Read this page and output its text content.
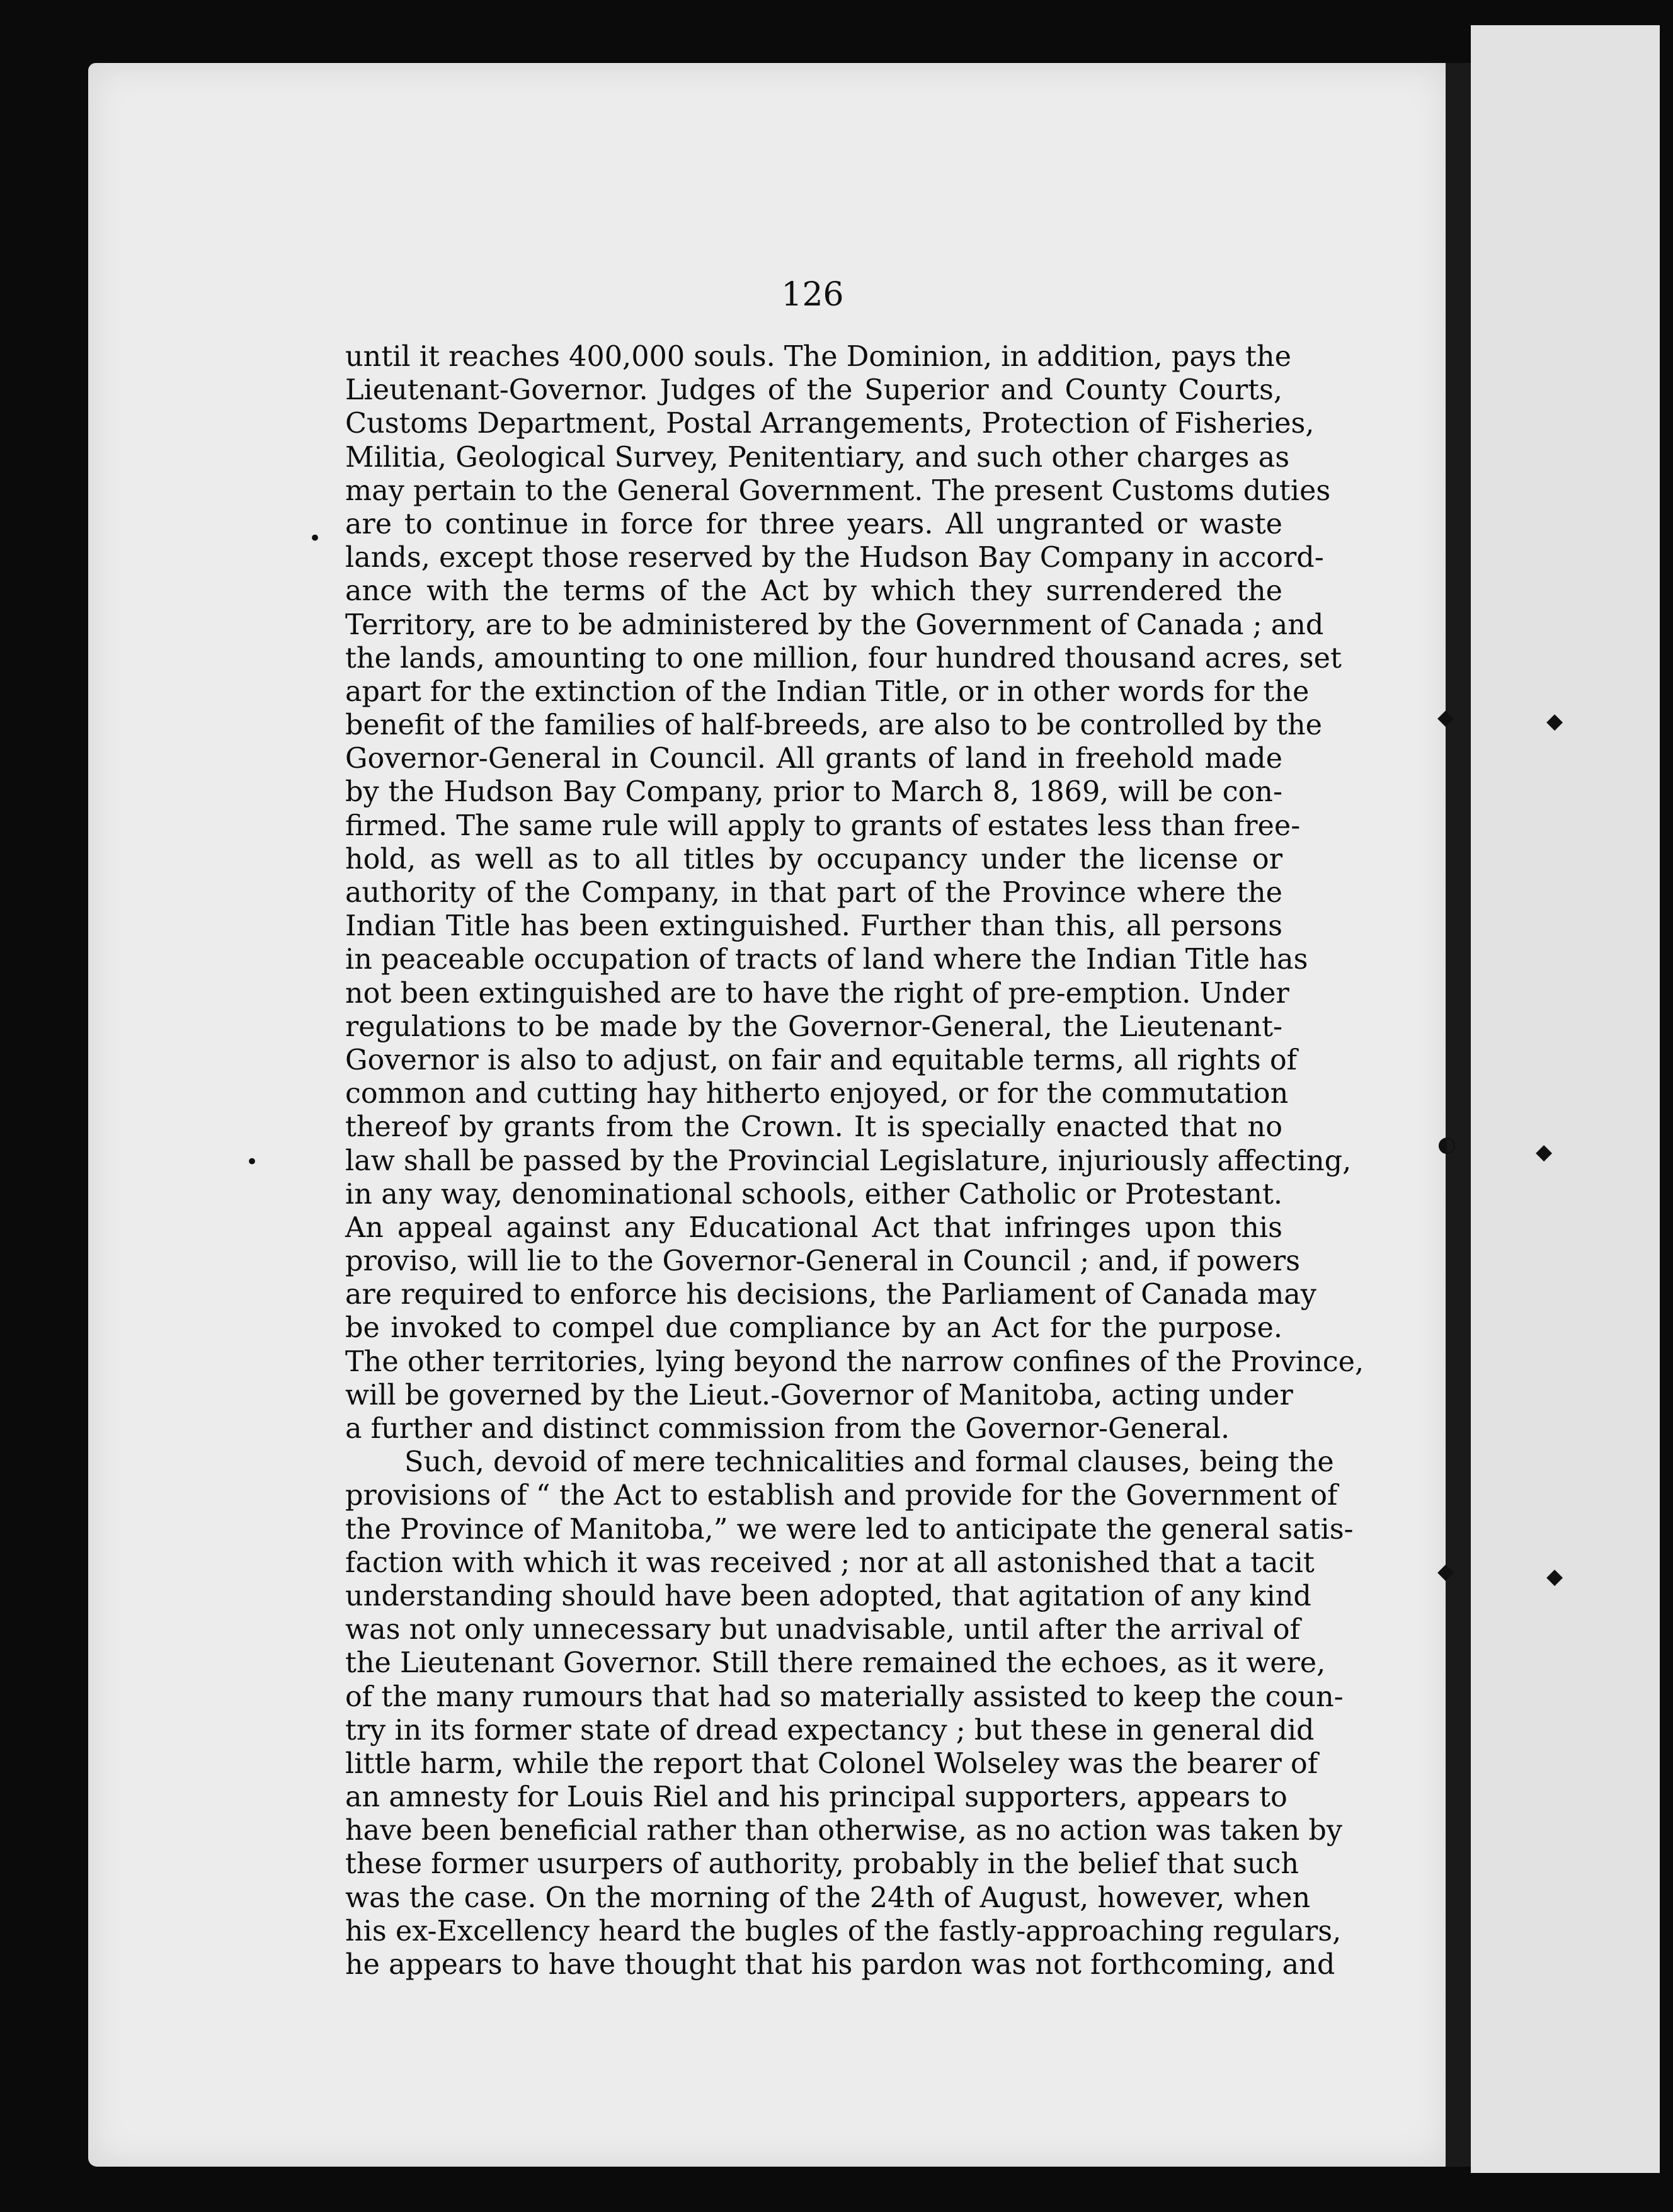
•
•
◆	◆
◐	◆
◆	◆
126
until it reaches 400,000 souls. The Dominion, in addition, pays the
Lieutenant-Governor. Judges of the Superior and County Courts,
Customs Department, Postal Arrangements, Protection of Fisheries,
Militia, Geological Survey, Penitentiary, and such other charges as
may pertain to the General Government. The present Customs duties
are to continue in force for three years. All ungranted or waste
lands, except those reserved by the Hudson Bay Company in accord-
ance with the terms of the Act by which they surrendered the
Territory, are to be administered by the Government of Canada ; and
the lands, amounting to one million, four hundred thousand acres, set
apart for the extinction of the Indian Title, or in other words for the
benefit of the families of half-breeds, are also to be controlled by the
Governor-General in Council. All grants of land in freehold made
by the Hudson Bay Company, prior to March 8, 1869, will be con-
firmed. The same rule will apply to grants of estates less than free-
hold, as well as to all titles by occupancy under the license or
authority of the Company, in that part of the Province where the
Indian Title has been extinguished. Further than this, all persons
in peaceable occupation of tracts of land where the Indian Title has
not been extinguished are to have the right of pre-emption. Under
regulations to be made by the Governor-General, the Lieutenant-
Governor is also to adjust, on fair and equitable terms, all rights of
common and cutting hay hitherto enjoyed, or for the commutation
thereof by grants from the Crown. It is specially enacted that no
law shall be passed by the Provincial Legislature, injuriously affecting,
in any way, denominational schools, either Catholic or Protestant.
An appeal against any Educational Act that infringes upon this
proviso, will lie to the Governor-General in Council ; and, if powers
are required to enforce his decisions, the Parliament of Canada may
be invoked to compel due compliance by an Act for the purpose.
The other territories, lying beyond the narrow confines of the Province,
will be governed by the Lieut.-Governor of Manitoba, acting under
a further and distinct commission from the Governor-General.
Such, devoid of mere technicalities and formal clauses, being the
provisions of “ the Act to establish and provide for the Government of
the Province of Manitoba,” we were led to anticipate the general satis-
faction with which it was received ; nor at all astonished that a tacit
understanding should have been adopted, that agitation of any kind
was not only unnecessary but unadvisable, until after the arrival of
the Lieutenant Governor. Still there remained the echoes, as it were,
of the many rumours that had so materially assisted to keep the coun-
try in its former state of dread expectancy ; but these in general did
little harm, while the report that Colonel Wolseley was the bearer of
an amnesty for Louis Riel and his principal supporters, appears to
have been beneficial rather than otherwise, as no action was taken by
these former usurpers of authority, probably in the belief that such
was the case. On the morning of the 24th of August, however, when
his ex-Excellency heard the bugles of the fastly-approaching regulars,
he appears to have thought that his pardon was not forthcoming, and
